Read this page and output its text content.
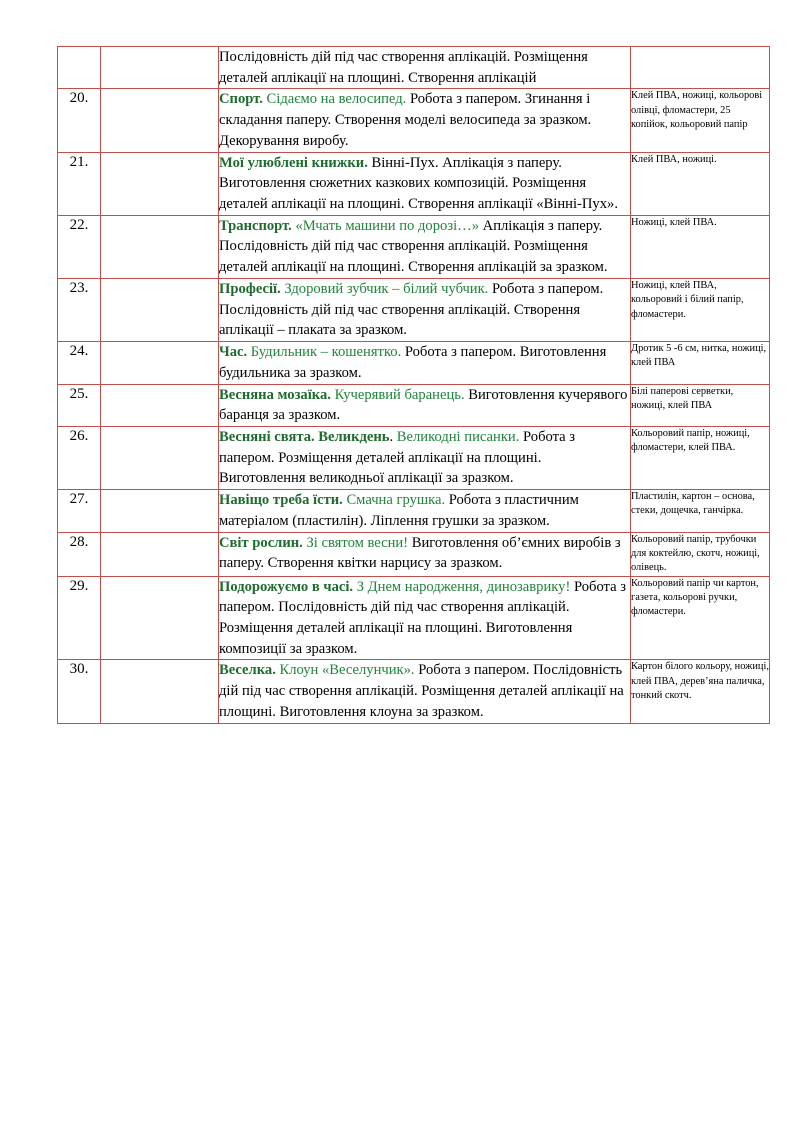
		Послідовність дій під час створення аплікацій. Розміщення деталей аплікації на площині. Створення аплікацій	
20.		Спорт. Сідаємо на велосипед. Робота з папером. Згинання і складання паперу. Створення моделі велосипеда за зразком. Декорування виробу.	Клей ПВА, ножиці, кольорові олівці, фломастери, 25 копійок, кольоровий папір
21.		Мої улюблені книжки. Вінні-Пух. Аплікація з паперу. Виготовлення сюжетних казкових композицій. Розміщення деталей аплікації на площині. Створення аплікації «Вінні-Пух».	Клей ПВА, ножиці.
22.		Транспорт. «Мчать машини по дорозі…» Аплікація з паперу. Послідовність дій під час створення аплікацій. Розміщення деталей аплікації на площині. Створення аплікацій за зразком.	Ножиці, клей ПВА.
23.		Професії. Здоровий зубчик – білий чубчик. Робота з папером. Послідовність дій під час створення аплікацій. Створення аплікації – плаката за зразком.	Ножиці, клей ПВА, кольоровий і білий папір, фломастери.
24.		Час. Будильник – кошенятко. Робота з папером. Виготовлення будильника за зразком.	Дротик 5 -6 см, нитка, ножиці, клей ПВА
25.		Весняна мозаїка. Кучерявий баранець. Виготовлення кучерявого баранця за зразком.	Білі паперові серветки, ножиці, клей ПВА
26.		Весняні свята. Великдень. Великодні писанки. Робота з папером. Розміщення деталей аплікації на площині. Виготовлення великодньої аплікації за зразком.	Кольоровий папір, ножиці, фломастери, клей ПВА.
27.		Навіщо треба їсти. Смачна грушка. Робота з пластичним матеріалом (пластилін). Ліплення грушки за зразком.	Пластилін, картон – основа, стеки, дощечка, ганчірка.
28.		Світ рослин. Зі святом весни! Виготовлення об’ємних виробів з паперу. Створення квітки нарцису за зразком.	Кольоровий папір, трубочки для коктейлю, скотч, ножиці, олівець.
29.		Подорожуємо в часі. З Днем народження, динозаврику! Робота з папером. Послідовність дій під час створення аплікацій. Розміщення деталей аплікації на площині. Виготовлення композиції за зразком.	Кольоровий папір чи картон, газета, кольорові ручки, фломастери.
30.		Веселка. Клоун «Веселунчик». Робота з папером. Послідовність дій під час створення аплікацій. Розміщення деталей аплікації на площині. Виготовлення клоуна за зразком.	Картон білого кольору, ножиці, клей ПВА, дерев’яна паличка, тонкий скотч.
